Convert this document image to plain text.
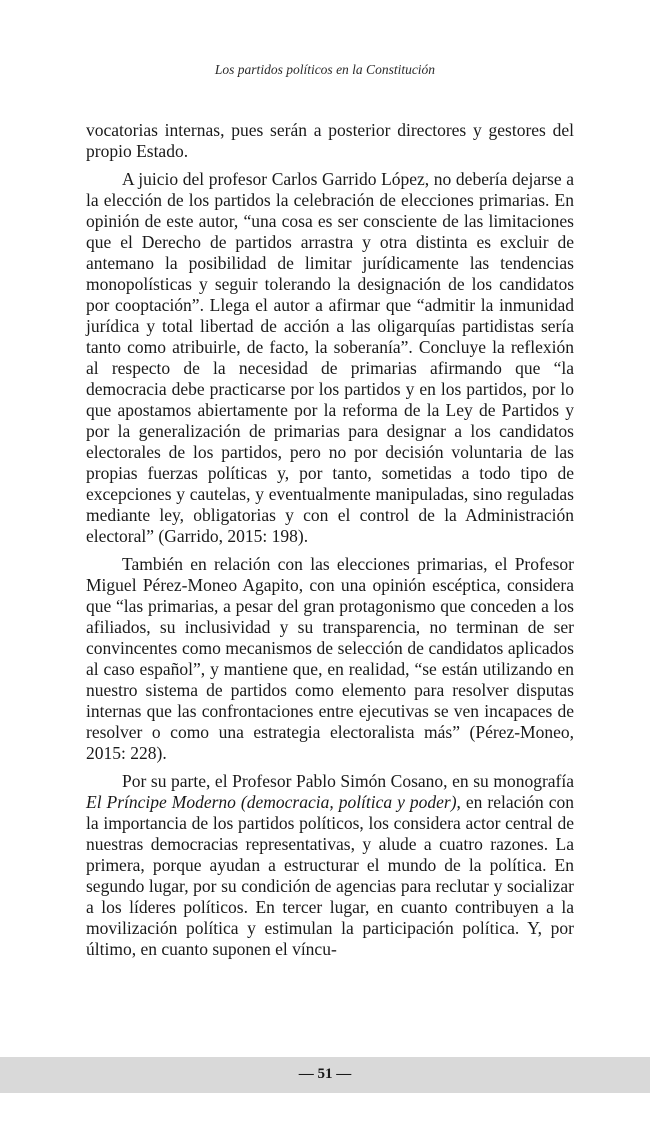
Los partidos políticos en la Constitución

vocatorias internas, pues serán a posterior directores y gestores del propio Estado.

A juicio del profesor Carlos Garrido López, no debería dejarse a la elección de los partidos la celebración de elecciones primarias. En opinión de este autor, “una cosa es ser consciente de las limitaciones que el Derecho de partidos arrastra y otra distinta es excluir de antemano la posibilidad de limitar jurídicamente las tendencias monopolísticas y seguir tolerando la designación de los candidatos por cooptación”. Llega el autor a afirmar que “admitir la inmunidad jurídica y total libertad de acción a las oligarquías partidistas sería tanto como atribuirle, de facto, la soberanía”. Concluye la reflexión al respecto de la necesidad de primarias afirmando que “la democracia debe practicarse por los partidos y en los partidos, por lo que apostamos abiertamente por la reforma de la Ley de Partidos y por la generalización de primarias para designar a los candidatos electorales de los partidos, pero no por decisión voluntaria de las propias fuerzas políticas y, por tanto, sometidas a todo tipo de excepciones y cautelas, y eventualmente manipuladas, sino reguladas mediante ley, obligatorias y con el control de la Administración electoral” (Garrido, 2015: 198).

También en relación con las elecciones primarias, el Profesor Miguel Pérez-Moneo Agapito, con una opinión escéptica, considera que “las primarias, a pesar del gran protagonismo que conceden a los afiliados, su inclusividad y su transparencia, no terminan de ser convincentes como mecanismos de selección de candidatos aplicados al caso español”, y mantiene que, en realidad, “se están utilizando en nuestro sistema de partidos como elemento para resolver disputas internas que las confrontaciones entre ejecutivas se ven incapaces de resolver o como una estrategia electoralista más” (Pérez-Moneo, 2015: 228).

Por su parte, el Profesor Pablo Simón Cosano, en su monografía El Príncipe Moderno (democracia, política y poder), en relación con la importancia de los partidos políticos, los considera actor central de nuestras democracias representativas, y alude a cuatro razones. La primera, porque ayudan a estructurar el mundo de la política. En segundo lugar, por su condición de agencias para reclutar y socializar a los líderes políticos. En tercer lugar, en cuanto contribuyen a la movilización política y estimulan la participación política. Y, por último, en cuanto suponen el víncu-

— 51 —
